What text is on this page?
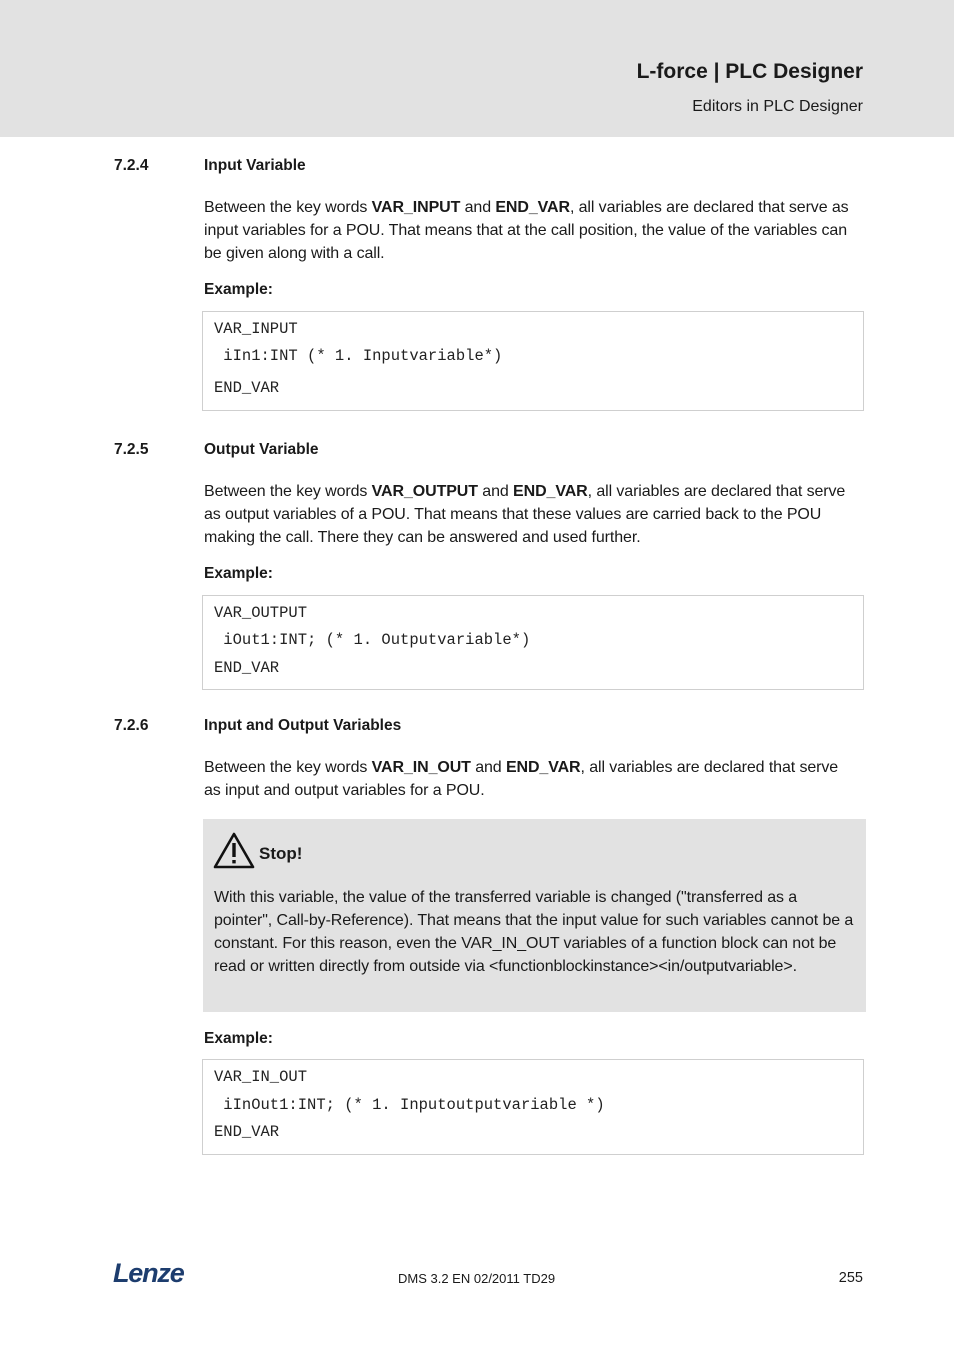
L-force | PLC Designer
Editors in PLC Designer
7.2.4	Input Variable
Between the key words VAR_INPUT and END_VAR, all variables are declared that serve as input variables for a POU. That means that at the call position, the value of the variables can be given along with a call.
Example:
VAR_INPUT
iIn1:INT (* 1. Inputvariable*)
END_VAR
7.2.5	Output Variable
Between the key words VAR_OUTPUT and END_VAR, all variables are declared that serve as output variables of a POU. That means that these values are carried back to the POU making the call. There they can be answered and used further.
Example:
VAR_OUTPUT
iOut1:INT; (* 1. Outputvariable*)
END_VAR
7.2.6	Input and Output Variables
Between the key words VAR_IN_OUT and END_VAR, all variables are declared that serve as input and output variables for a POU.
Stop!
With this variable, the value of the transferred variable is changed ("transferred as a pointer", Call-by-Reference). That means that the input value for such variables cannot be a constant. For this reason, even the VAR_IN_OUT variables of a function block can not be read or written directly from outside via <functionblockinstance><in/outputvariable>.
Example:
VAR_IN_OUT
iInOut1:INT; (* 1. Inputoutputvariable *)
END_VAR
Lenze	DMS 3.2 EN 02/2011 TD29	255
